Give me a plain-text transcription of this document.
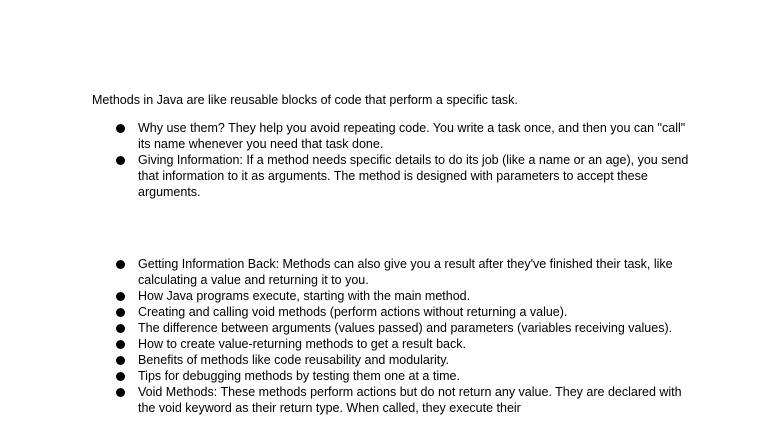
Methods in Java are like reusable blocks of code that perform a specific task.
Why use them? They help you avoid repeating code. You write a task once, and then you can "call" its name whenever you need that task done.
Giving Information: If a method needs specific details to do its job (like a name or an age), you send that information to it as arguments. The method is designed with parameters to accept these arguments.
Getting Information Back: Methods can also give you a result after they've finished their task, like calculating a value and returning it to you.
How Java programs execute, starting with the main method.
Creating and calling void methods (perform actions without returning a value).
The difference between arguments (values passed) and parameters (variables receiving values).
How to create value-returning methods to get a result back.
Benefits of methods like code reusability and modularity.
Tips for debugging methods by testing them one at a time.
Void Methods: These methods perform actions but do not return any value. They are declared with the void keyword as their return type. When called, they execute their
